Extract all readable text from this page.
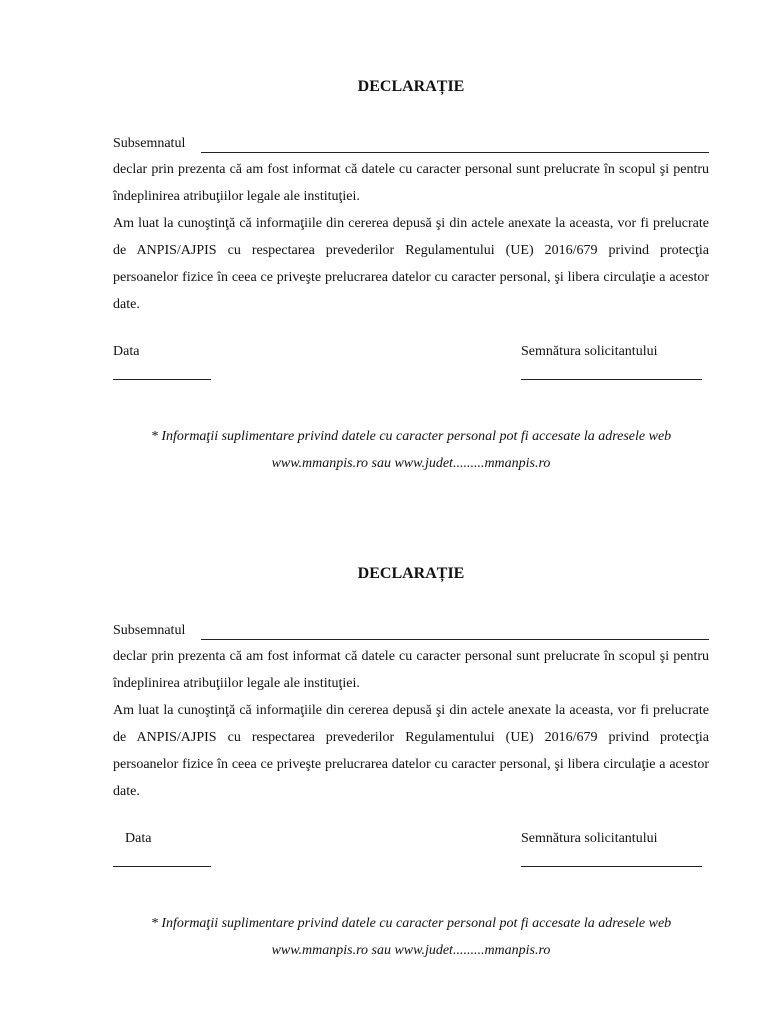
DECLARAȚIE
Subsemnatul

declar prin prezenta că am fost informat că datele cu caracter personal sunt prelucrate în scopul şi pentru îndeplinirea atribuţiilor legale ale instituţiei.

Am luat la cunoştinţă că informaţiile din cererea depusă şi din actele anexate la aceasta, vor fi prelucrate de ANPIS/AJPIS cu respectarea prevederilor Regulamentului (UE) 2016/679 privind protecţia persoanelor fizice în ceea ce priveşte prelucrarea datelor cu caracter personal, şi libera circulaţie a acestor date.

Data	Semnătura solicitantului

* Informaţii suplimentare privind datele cu caracter personal pot fi accesate la adresele web

www.mmanpis.ro sau www.judet.........mmanpis.ro

DECLARAȚIE
Subsemnatul

declar prin prezenta că am fost informat că datele cu caracter personal sunt prelucrate în scopul şi pentru îndeplinirea atribuţiilor legale ale instituţiei.

Am luat la cunoştinţă că informaţiile din cererea depusă şi din actele anexate la aceasta, vor fi prelucrate de ANPIS/AJPIS cu respectarea prevederilor Regulamentului (UE) 2016/679 privind protecţia persoanelor fizice în ceea ce priveşte prelucrarea datelor cu caracter personal, şi libera circulaţie a acestor date.

Data	Semnătura solicitantului

* Informaţii suplimentare privind datele cu caracter personal pot fi accesate la adresele web

www.mmanpis.ro sau www.judet.........mmanpis.ro
